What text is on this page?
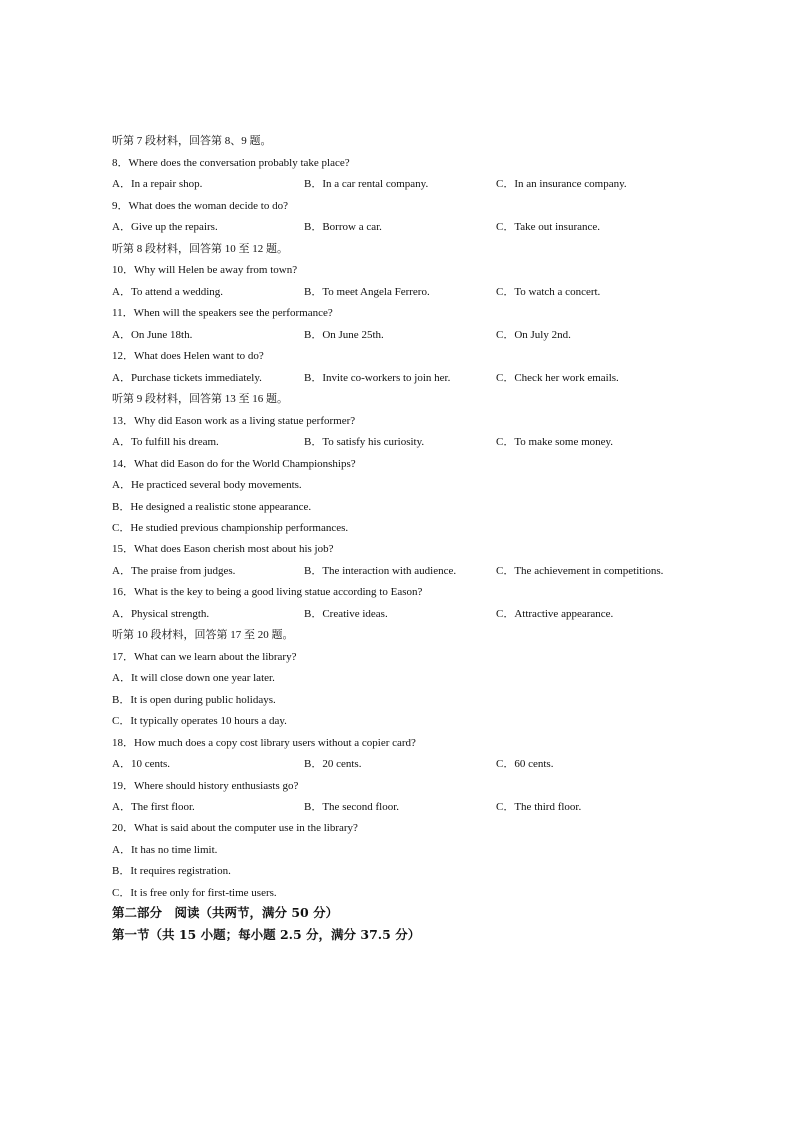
听第 7 段材料，回答第 8、9 题。
8．Where does the conversation probably take place?
A．In a repair shop.	B．In a car rental company.	C．In an insurance company.
9．What does the woman decide to do?
A．Give up the repairs.	B．Borrow a car.	C．Take out insurance.
听第 8 段材料，回答第 10 至 12 题。
10．Why will Helen be away from town?
A．To attend a wedding.	B．To meet Angela Ferrero.	C．To watch a concert.
11．When will the speakers see the performance?
A．On June 18th.	B．On June 25th.	C．On July 2nd.
12．What does Helen want to do?
A．Purchase tickets immediately.	B．Invite co-workers to join her.	C．Check her work emails.
听第 9 段材料，回答第 13 至 16 题。
13．Why did Eason work as a living statue performer?
A．To fulfill his dream.	B．To satisfy his curiosity.	C．To make some money.
14．What did Eason do for the World Championships?
A．He practiced several body movements.
B．He designed a realistic stone appearance.
C．He studied previous championship performances.
15．What does Eason cherish most about his job?
A．The praise from judges.	B．The interaction with audience.	C．The achievement in competitions.
16．What is the key to being a good living statue according to Eason?
A．Physical strength.	B．Creative ideas.	C．Attractive appearance.
听第 10 段材料，回答第 17 至 20 题。
17．What can we learn about the library?
A．It will close down one year later.
B．It is open during public holidays.
C．It typically operates 10 hours a day.
18．How much does a copy cost library users without a copier card?
A．10 cents.	B．20 cents.	C．60 cents.
19．Where should history enthusiasts go?
A．The first floor.	B．The second floor.	C．The third floor.
20．What is said about the computer use in the library?
A．It has no time limit.
B．It requires registration.
C．It is free only for first-time users.
第二部分　阅读（共两节，满分 50 分）
第一节（共 15 小题；每小题 2.5 分，满分 37.5 分）
